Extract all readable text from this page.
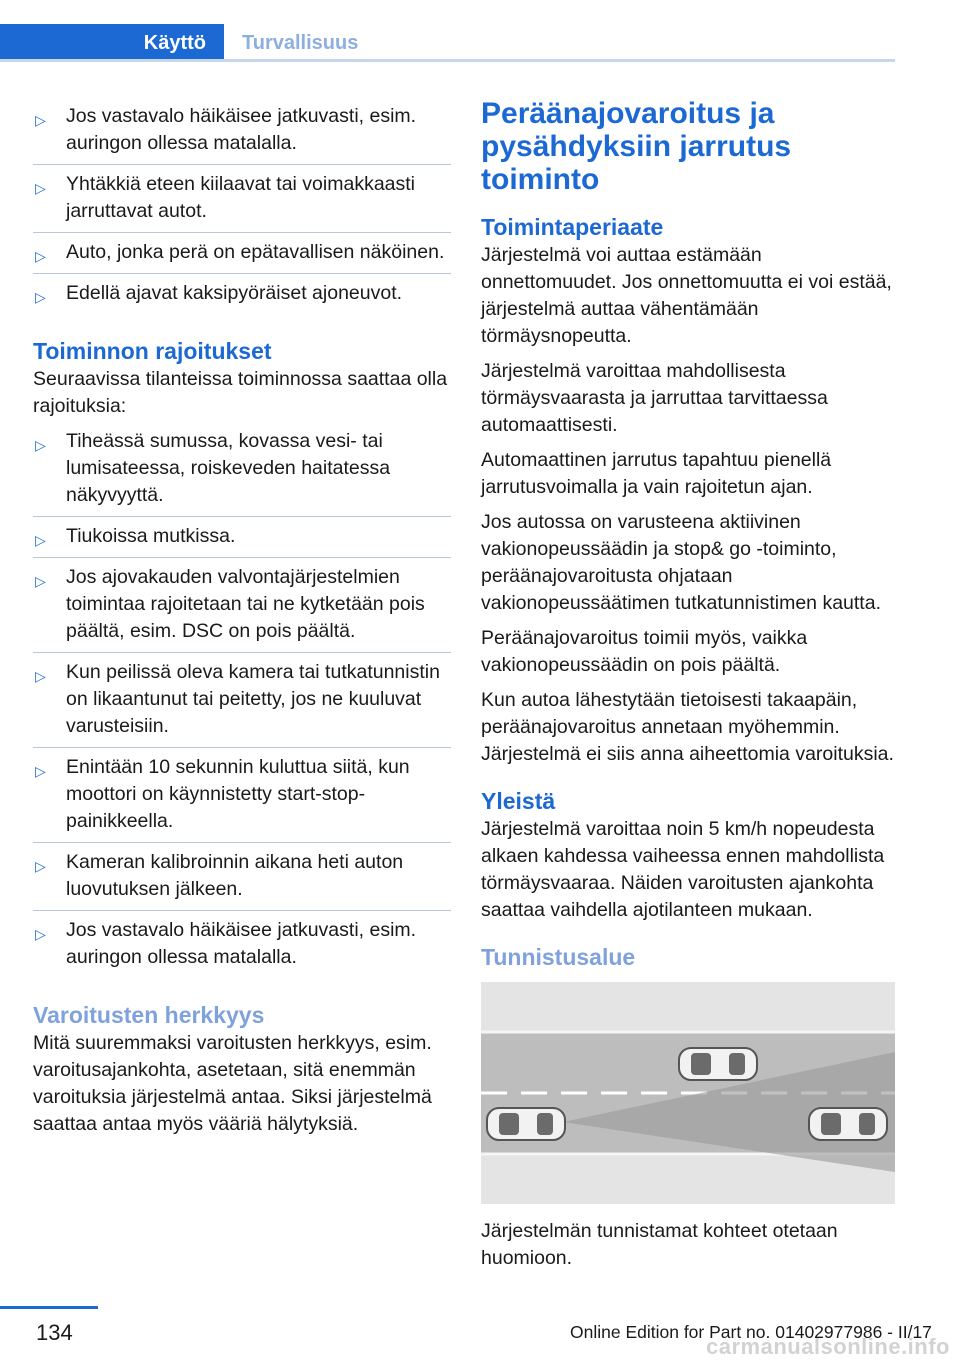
Käyttö Turvallisuus
▷ Jos vastavalo häikäisee jatkuvasti, esim. auringon ollessa matalalla.
▷ Yhtäkkiä eteen kiilaavat tai voimakkaasti jarruttavat autot.
▷ Auto, jonka perä on epätavallisen näköinen.
▷ Edellä ajavat kaksipyöräiset ajoneuvot.
Toiminnon rajoitukset

Seuraavissa tilanteissa toiminnossa saattaa olla rajoituksia:

▷ Tiheässä sumussa, kovassa vesi- tai lumisateessa, roiskeveden haitatessa näkyvyyttä.
▷ Tiukoissa mutkissa.
▷ Jos ajovakauden valvontajärjestelmien toimintaa rajoitetaan tai ne kytketään pois päältä, esim. DSC on pois päältä.
▷ Kun peilissä oleva kamera tai tutkatunnistin on likaantunut tai peitetty, jos ne kuuluvat varusteisiin.
▷ Enintään 10 sekunnin kuluttua siitä, kun moottori on käynnistetty start-stop-painikkeella.
▷ Kameran kalibroinnin aikana heti auton luovutuksen jälkeen.
▷ Jos vastavalo häikäisee jatkuvasti, esim. auringon ollessa matalalla.
Varoitusten herkkyys

Mitä suuremmaksi varoitusten herkkyys, esim. varoitusajankohta, asetetaan, sitä enemmän varoituksia järjestelmä antaa. Siksi järjestelmä saattaa antaa myös vääriä hälytyksiä.

Peräänajovaroitus ja pysähdyksiin jarrutus toiminto
Toimintaperiaate

Järjestelmä voi auttaa estämään onnettomuudet. Jos onnettomuutta ei voi estää, järjestelmä auttaa vähentämään törmäysnopeutta.

Järjestelmä varoittaa mahdollisesta törmäysvaarasta ja jarruttaa tarvittaessa automaattisesti.

Automaattinen jarrutus tapahtuu pienellä jarrutusvoimalla ja vain rajoitetun ajan.

Jos autossa on varusteena aktiivinen vakionopeussäädin ja stop& go -toiminto, peräänajovaroitusta ohjataan vakionopeussäätimen tutkatunnistimen kautta.

Peräänajovaroitus toimii myös, vaikka vakionopeussäädin on pois päältä.

Kun autoa lähestytään tietoisesti takaapäin, peräänajovaroitus annetaan myöhemmin. Järjestelmä ei siis anna aiheettomia varoituksia.

Yleistä

Järjestelmä varoittaa noin 5 km/h nopeudesta alkaen kahdessa vaiheessa ennen mahdollista törmäysvaaraa. Näiden varoitusten ajankohta saattaa vaihdella ajotilanteen mukaan.

Tunnistusalue

Järjestelmän tunnistamat kohteet otetaan huomioon.

134	Online Edition for Part no. 01402977986 - II/17
carmanualsonline.info
